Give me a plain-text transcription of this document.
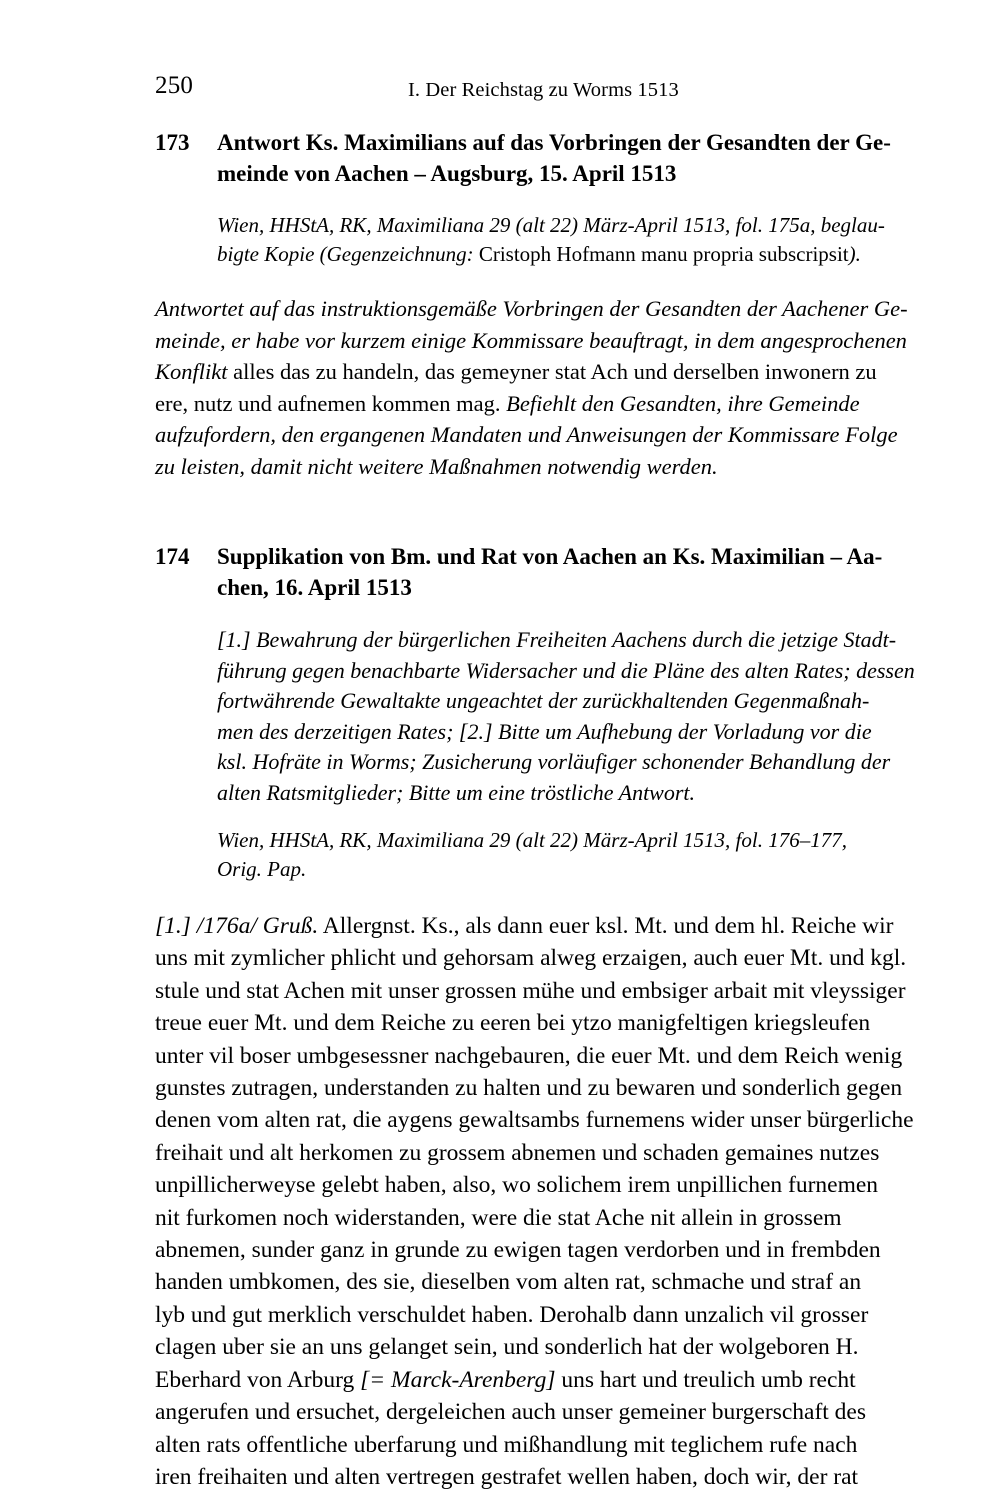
250	I. Der Reichstag zu Worms 1513
173 Antwort Ks. Maximilians auf das Vorbringen der Gesandten der Ge-
meinde von Aachen – Augsburg, 15. April 1513
Wien, HHStA, RK, Maximiliana 29 (alt 22) März-April 1513, fol. 175a, beglau-
bigte Kopie (Gegenzeichnung: Cristoph Hofmann manu propria subscripsit).
Antwortet auf das instruktionsgemäße Vorbringen der Gesandten der Aachener Ge-
meinde, er habe vor kurzem einige Kommissare beauftragt, in dem angesprochenen
Konflikt alles das zu handeln, das gemeyner stat Ach und derselben inwonern zu
ere, nutz und aufnemen kommen mag. Befiehlt den Gesandten, ihre Gemeinde
aufzufordern, den ergangenen Mandaten und Anweisungen der Kommissare Folge
zu leisten, damit nicht weitere Maßnahmen notwendig werden.
174 Supplikation von Bm. und Rat von Aachen an Ks. Maximilian – Aa-
chen, 16. April 1513
[1.] Bewahrung der bürgerlichen Freiheiten Aachens durch die jetzige Stadt-
führung gegen benachbarte Widersacher und die Pläne des alten Rates; dessen
fortwährende Gewaltakte ungeachtet der zurückhaltenden Gegenmaßnah-
men des derzeitigen Rates; [2.] Bitte um Aufhebung der Vorladung vor die
ksl. Hofräte in Worms; Zusicherung vorläufiger schonender Behandlung der
alten Ratsmitglieder; Bitte um eine tröstliche Antwort.
Wien, HHStA, RK, Maximiliana 29 (alt 22) März-April 1513, fol. 176–177,
Orig. Pap.
[1.] /176a/ Gruß. Allergnst. Ks., als dann euer ksl. Mt. und dem hl. Reiche wir
uns mit zymlicher phlicht und gehorsam alweg erzaigen, auch euer Mt. und kgl.
stule und stat Achen mit unser grossen mühe und embsiger arbait mit vleyssiger
treue euer Mt. und dem Reiche zu eeren bei ytzo manigfeltigen kriegsleufen
unter vil boser umbgesessner nachgebauren, die euer Mt. und dem Reich wenig
gunstes zutragen, understanden zu halten und zu bewaren und sonderlich gegen
denen vom alten rat, die aygens gewaltsambs furnemens wider unser bürgerliche
freihait und alt herkomen zu grossem abnemen und schaden gemaines nutzes
unpillicherweyse gelebt haben, also, wo solichem irem unpillichen furnemen
nit furkomen noch widerstanden, were die stat Ache nit allein in grossem
abnemen, sunder ganz in grunde zu ewigen tagen verdorben und in frembden
handen umbkomen, des sie, dieselben vom alten rat, schmache und straf an
lyb und gut merklich verschuldet haben. Derohalb dann unzalich vil grosser
clagen uber sie an uns gelanget sein, und sonderlich hat der wolgeboren H.
Eberhard von Arburg [= Marck-Arenberg] uns hart und treulich umb recht
angerufen und ersuchet, dergeleichen auch unser gemeiner burgerschaft des
alten rats offentliche uberfarung und mißhandlung mit teglichem rufe nach
iren freihaiten und alten vertregen gestrafet wellen haben, doch wir, der rat
